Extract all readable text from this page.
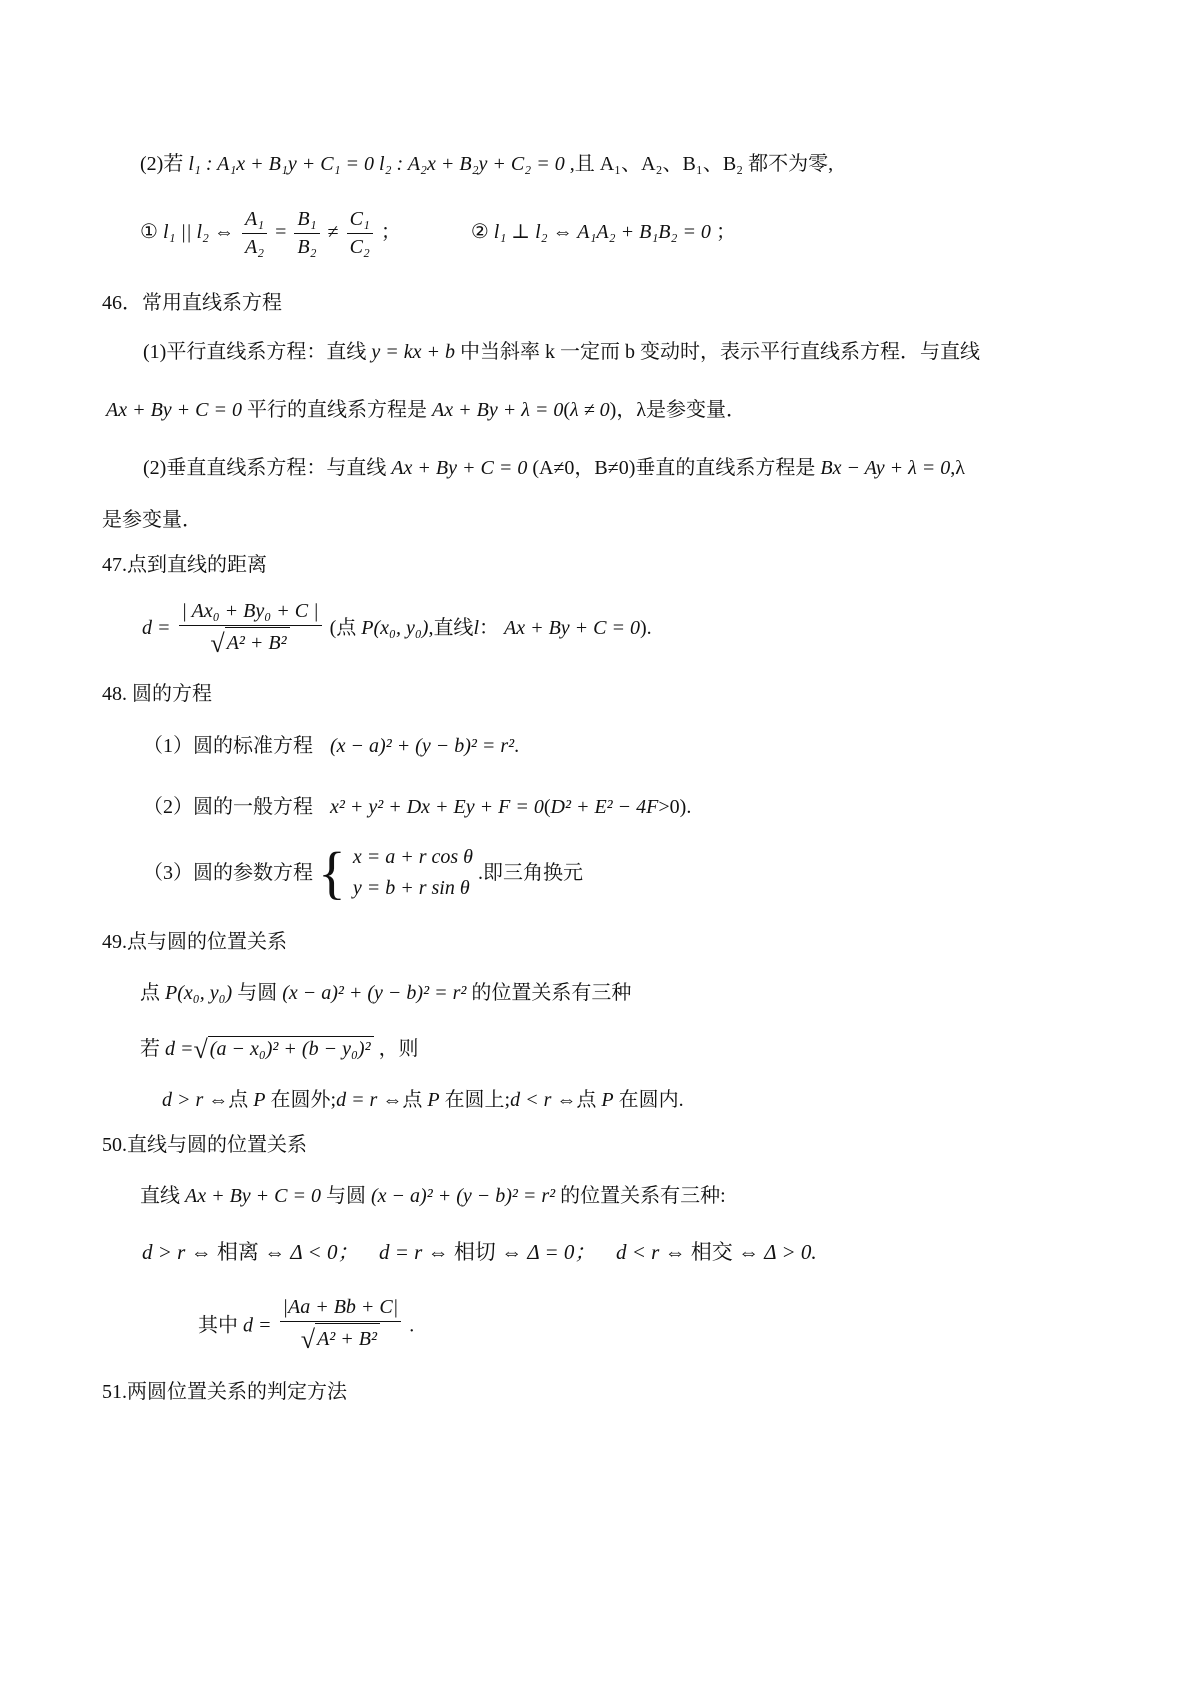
(2)若 l₁ : A₁x + B₁y + C₁ = 0 l₂ : A₂x + B₂y + C₂ = 0 ,且 A₁、A₂、B₁、B₂ 都不为零,
① l₁ || l₂ ⇔ $\frac{\text{A₁}}{\text{A₂}} = \frac{\text{B₁}}{\text{B₂}} \ne \frac{\text{C₁}}{\text{C₂}}$ ；	② l₁ ⊥ l₂ ⇔ A₁A₂ + B₁B₂ = 0 ；
46．常用直线系方程
(1)平行直线系方程：直线 y = kx + b 中当斜率 k 一定而 b 变动时，表示平行直线系方程．与直线
Ax + By + C = 0 平行的直线系方程是 Ax + By + λ = 0(λ ≠ 0)，λ是参变量．
(2)垂直直线系方程：与直线 Ax + By + C = 0 (A≠0，B≠0)垂直的直线系方程是 Bx − Ay + λ = 0,λ
是参变量．
47.点到直线的距离
$d = \frac{\text{| Ax₀ + By₀ + C |}}{\text{√ A² + B²}}$ (点 P(x₀, y₀),直线l： Ax + By + C = 0).
48. 圆的方程
（1）圆的标准方程 (x − a)² + (y − b)² = r².
（2）圆的一般方程 x² + y² + Dx + Ey + F = 0(D² + E² − 4F>0).
（3）圆的参数方程 { x = a + r cos θ
y = b + r sin θ
.即三角换元
49.点与圆的位置关系
点 P(x₀, y₀) 与圆 (x − a)² + (y − b)² = r² 的位置关系有三种
若 d =√ (a − x₀)² + (b − y₀)² ，则
d > r ⇔点 P 在圆外;d = r ⇔点 P 在圆上;d < r ⇔点 P 在圆内.
50.直线与圆的位置关系
直线 Ax + By + C = 0 与圆 (x − a)² + (y − b)² = r² 的位置关系有三种:
d > r ⇔ 相离 ⇔ Δ < 0； d = r ⇔ 相切 ⇔ Δ = 0； d < r ⇔ 相交 ⇔ Δ > 0.
其中 $d = \frac{|Aa + Bb + C|}{\text{√ A² + B²}}$ .
51.两圆位置关系的判定方法
